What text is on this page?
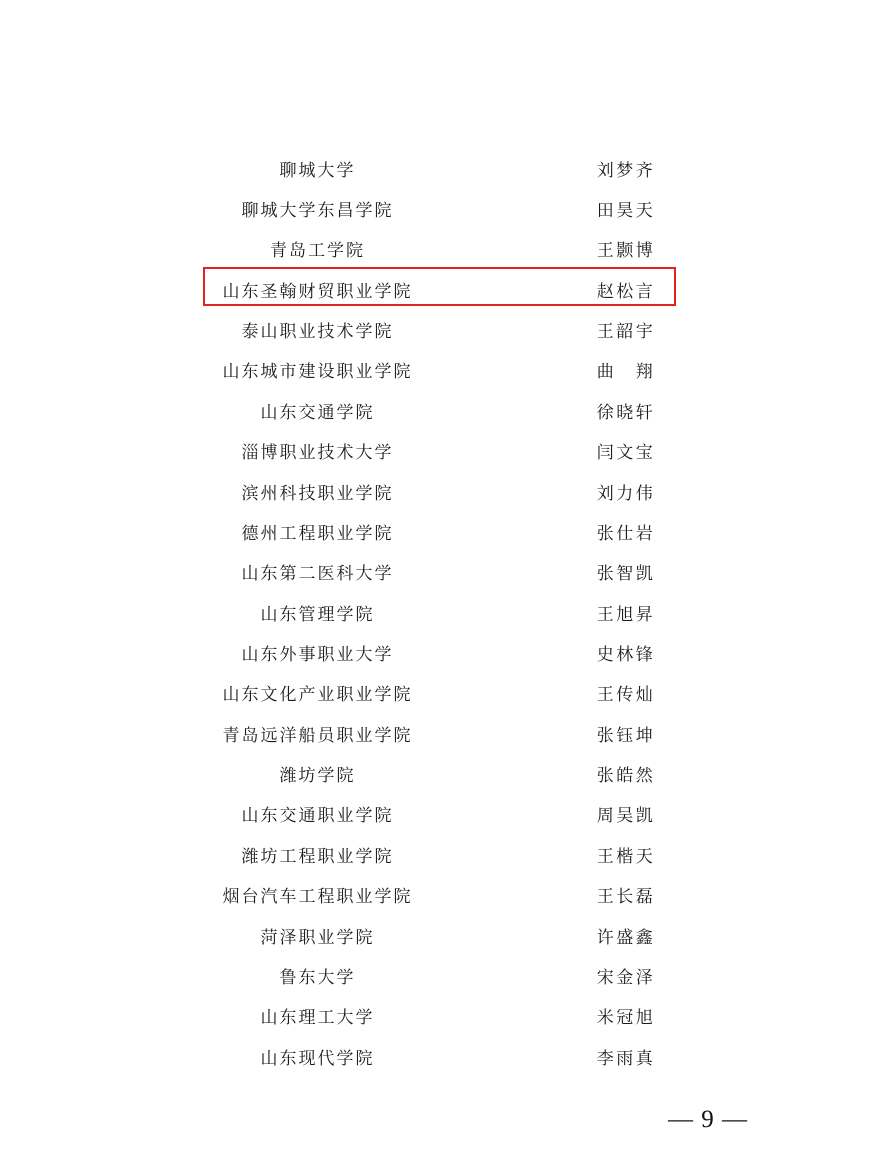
聊城大学	刘梦齐
聊城大学东昌学院	田昊天
青岛工学院	王颢博
山东圣翰财贸职业学院	赵松言
泰山职业技术学院	王韶宇
山东城市建设职业学院	曲　翔
山东交通学院	徐晓轩
淄博职业技术大学	闫文宝
滨州科技职业学院	刘力伟
德州工程职业学院	张仕岩
山东第二医科大学	张智凯
山东管理学院	王旭昇
山东外事职业大学	史林锋
山东文化产业职业学院	王传灿
青岛远洋船员职业学院	张钰坤
潍坊学院	张皓然
山东交通职业学院	周吴凯
潍坊工程职业学院	王楷天
烟台汽车工程职业学院	王长磊
菏泽职业学院	许盛鑫
鲁东大学	宋金泽
山东理工大学	米冠旭
山东现代学院	李雨真
— 9 —
